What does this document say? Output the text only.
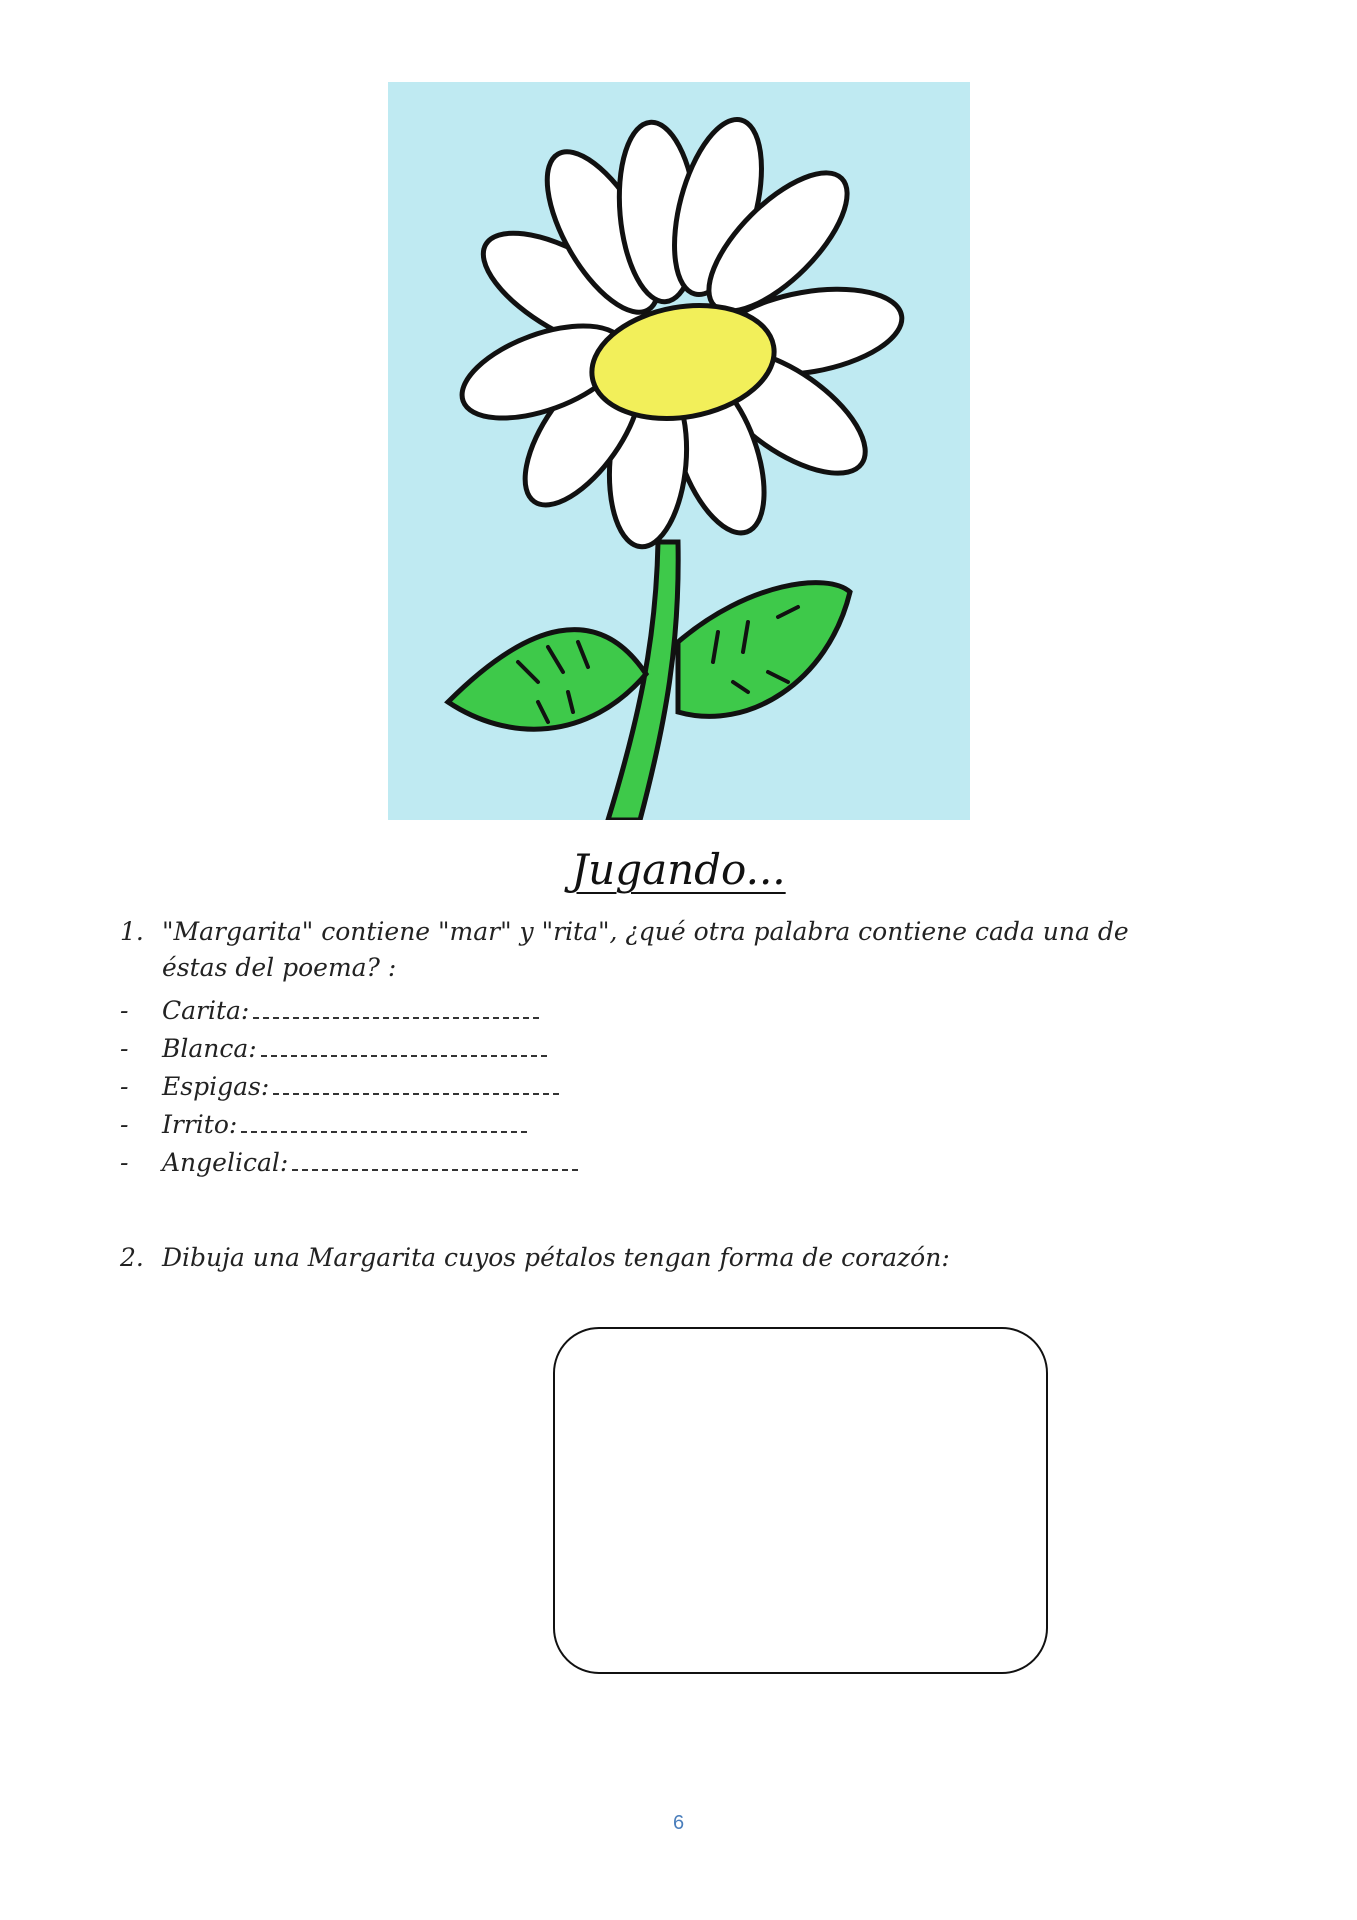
Jugando...
1. "Margarita" contiene "mar" y "rita", ¿qué otra palabra contiene cada una de
éstas del poema? :
-	Carita:
-	Blanca:
-	Espigas:
-	Irrito:
-	Angelical:
2. Dibuja una Margarita cuyos pétalos tengan forma de corazón:
6
